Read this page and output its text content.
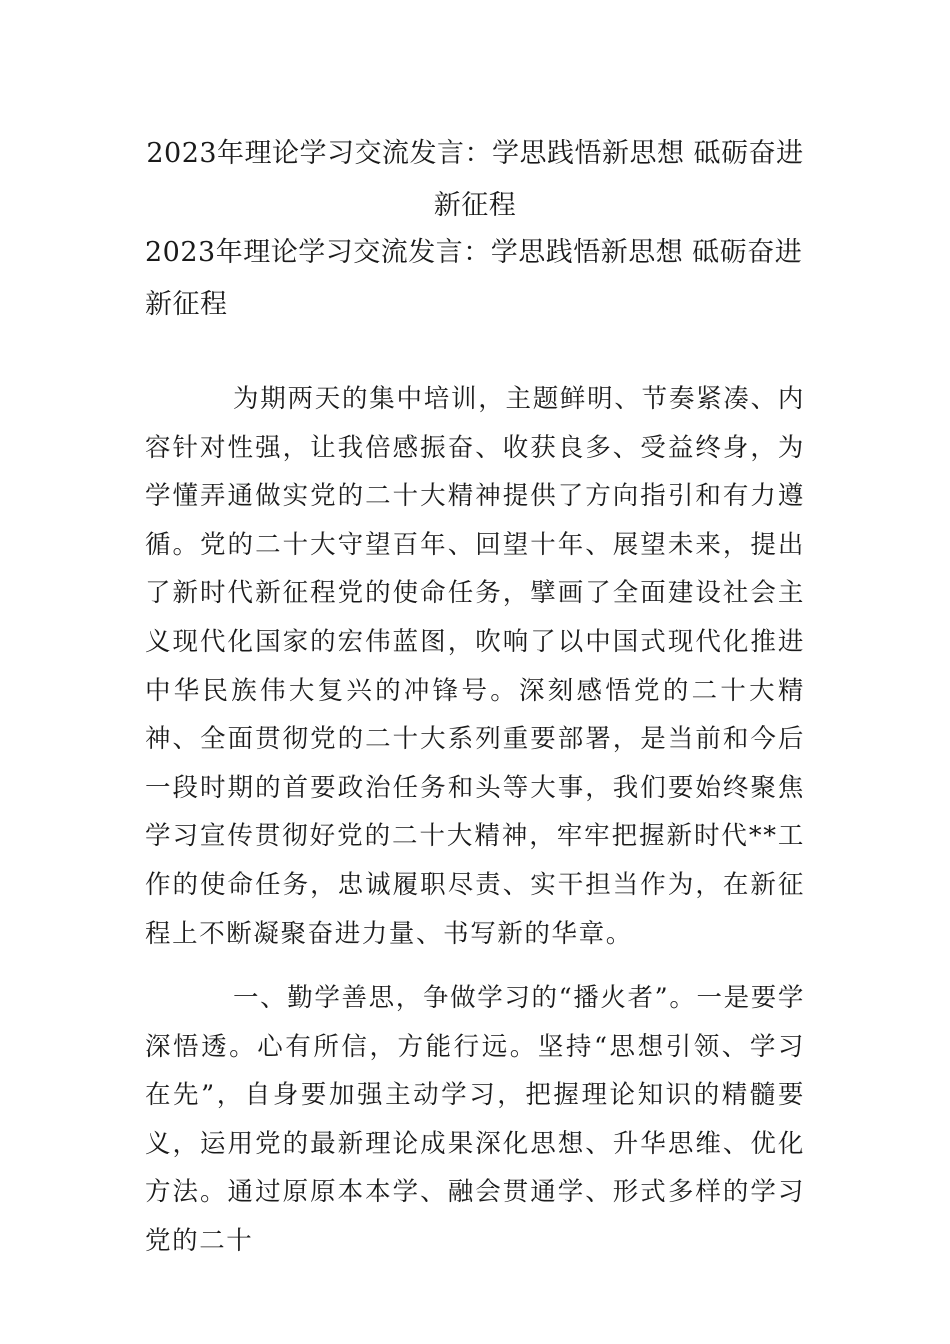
2023年理论学习交流发言：学思践悟新思想 砥砺奋进新征程
2023年理论学习交流发言：学思践悟新思想 砥砺奋进新征程

为期两天的集中培训，主题鲜明、节奏紧凑、内容针对性强，让我倍感振奋、收获良多、受益终身，为学懂弄通做实党的二十大精神提供了方向指引和有力遵循。党的二十大守望百年、回望十年、展望未来，提出了新时代新征程党的使命任务，擘画了全面建设社会主义现代化国家的宏伟蓝图，吹响了以中国式现代化推进中华民族伟大复兴的冲锋号。深刻感悟党的二十大精神、全面贯彻党的二十大系列重要部署，是当前和今后一段时期的首要政治任务和头等大事，我们要始终聚焦学习宣传贯彻好党的二十大精神，牢牢把握新时代**工作的使命任务，忠诚履职尽责、实干担当作为，在新征程上不断凝聚奋进力量、书写新的华章。

一、勤学善思，争做学习的“播火者”。一是要学深悟透。心有所信，方能行远。坚持“思想引领、学习在先”，自身要加强主动学习，把握理论知识的精髓要义，运用党的最新理论成果深化思想、升华思维、优化方法。通过原原本本学、融会贯通学、形式多样的学习党的二十
